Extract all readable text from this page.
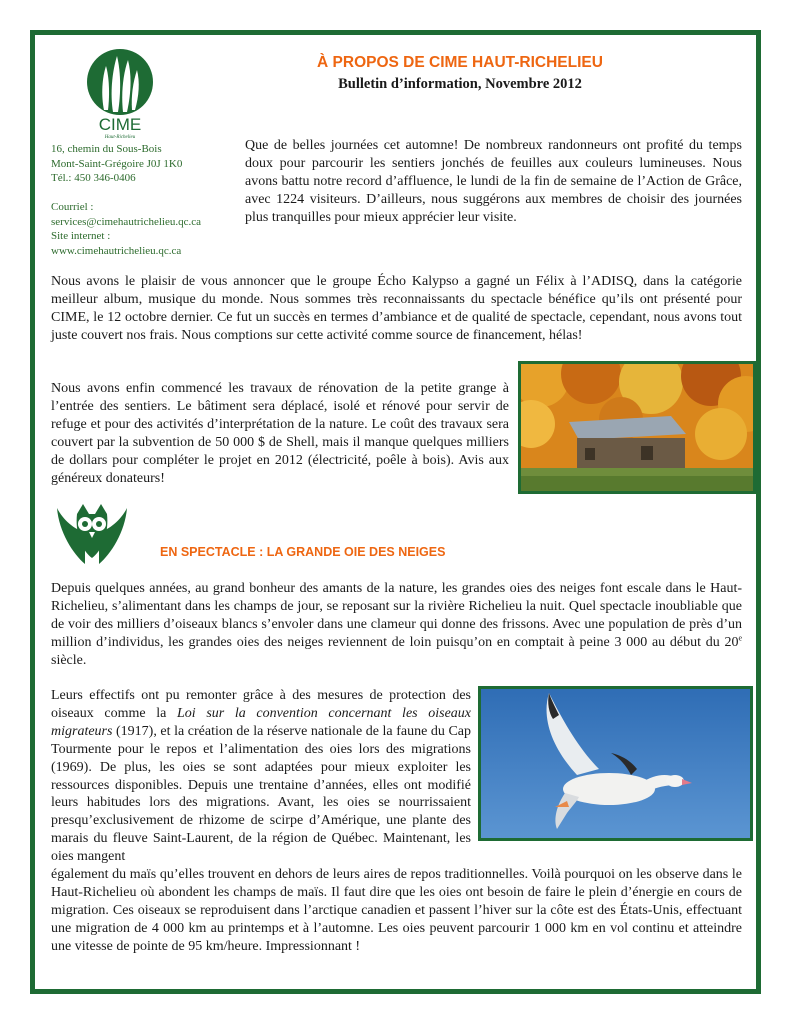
CIME
Haut-Richelieu
À PROPOS DE CIME HAUT-RICHELIEU
Bulletin d’information, Novembre 2012
16, chemin du Sous-Bois
Mont-Saint-Grégoire J0J 1K0
Tél.: 450 346-0406
Courriel :
services@cimehautrichelieu.qc.ca
Site internet :
www.cimehautrichelieu.qc.ca
Que de belles journées cet automne! De nombreux randonneurs ont profité du temps doux pour parcourir les sentiers jonchés de feuilles aux couleurs lumineuses. Nous avons battu notre record d’affluence, le lundi de la fin de semaine de l’Action de Grâce, avec 1224 visiteurs. D’ailleurs, nous suggérons aux membres de choisir des journées plus tranquilles pour mieux apprécier leur visite.
Nous avons le plaisir de vous annoncer que le groupe Écho Kalypso a gagné un Félix à l’ADISQ, dans la catégorie meilleur album, musique du monde. Nous sommes très reconnaissants du spectacle bénéfice qu’ils ont présenté pour CIME, le 12 octobre dernier. Ce fut un succès en termes d’ambiance et de qualité de spectacle, cependant, nous avons tout juste couvert nos frais. Nous comptions sur cette activité comme source de financement, hélas!
Nous avons enfin commencé les travaux de rénovation de la petite grange à l’entrée des sentiers. Le bâtiment sera déplacé, isolé et rénové pour servir de refuge et pour des activités d’interprétation de la nature. Le coût des travaux sera couvert par la subvention de 50 000 $ de Shell, mais il manque quelques milliers de dollars pour compléter le projet en 2012 (électricité, poêle à bois). Avis aux généreux donateurs!
EN SPECTACLE : LA GRANDE OIE DES NEIGES
Depuis quelques années, au grand bonheur des amants de la nature, les grandes oies des neiges font escale dans le Haut-Richelieu, s’alimentant dans les champs de jour, se reposant sur la rivière Richelieu la nuit. Quel spectacle inoubliable que de voir des milliers d’oiseaux blancs s’envoler dans une clameur qui donne des frissons. Avec une population de près d’un million d’individus, les grandes oies des neiges reviennent de loin puisqu’on en comptait à peine 3 000 au début du 20e siècle.
Leurs effectifs ont pu remonter grâce à des mesures de protection des oiseaux comme la Loi sur la convention concernant les oiseaux migrateurs (1917), et la création de la réserve nationale de la faune du Cap Tourmente pour le repos et l’alimentation des oies lors des migrations (1969). De plus, les oies se sont adaptées pour mieux exploiter les ressources disponibles. Depuis une trentaine d’années, elles ont modifié leurs habitudes lors des migrations. Avant, les oies se nourrissaient presqu’exclusivement de rhizome de scirpe d’Amérique, une plante des marais du fleuve Saint-Laurent, de la région de Québec. Maintenant, les oies mangent
également du maïs qu’elles trouvent en dehors de leurs aires de repos traditionnelles. Voilà pourquoi on les observe dans le Haut-Richelieu où abondent les champs de maïs. Il faut dire que les oies ont besoin de faire le plein d’énergie en cours de migration. Ces oiseaux se reproduisent dans l’arctique canadien et passent l’hiver sur la côte est des États-Unis, effectuant une migration de 4 000 km au printemps et à l’automne. Les oies peuvent parcourir 1 000 km en vol continu et atteindre une vitesse de pointe de 95 km/heure. Impressionnant !
